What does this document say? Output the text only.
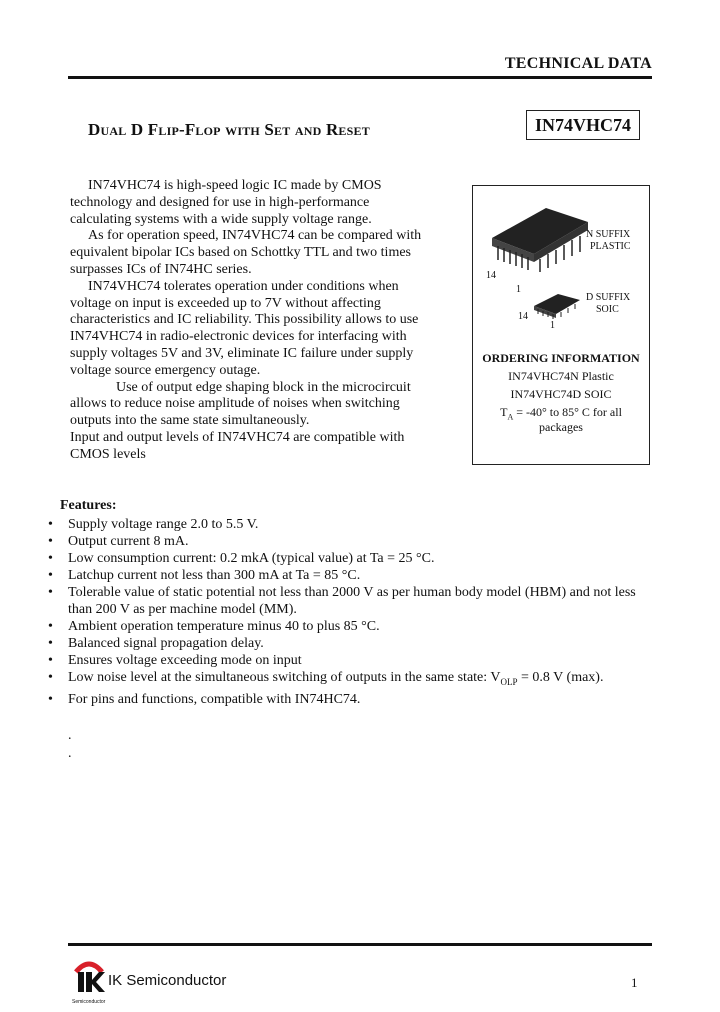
TECHNICAL DATA
Dual D Flip-Flop with Set and Reset	IN74VHC74

IN74VHC74 is high-speed logic IC made by CMOS technology and designed for use in high-performance calculating systems with a wide supply voltage range.

As for operation speed, IN74VHC74 can be compared with equivalent bipolar ICs based on Schottky TTL and two times surpasses ICs of IN74HC series.

IN74VHC74 tolerates operation under conditions when voltage on input is exceeded up to 7V without affecting characteristics and IC reliability. This possibility allows to use IN74VHC74 in radio-electronic devices for interfacing with supply voltages 5V and 3V, eliminate IC failure under supply voltage source emergency outage.

Use of output edge shaping block in the microcircuit allows to reduce noise amplitude of noises when switching outputs into the same state simultaneously.

Input and output levels of IN74VHC74 are compatible with CMOS levels

N SUFFIX
PLASTIC
14
1
D SUFFIX
SOIC
14
1
ORDERING INFORMATION
IN74VHC74N Plastic
IN74VHC74D SOIC
$T_A = -40^\circ$ to 85° C for all
packages
Features:
• Supply voltage range 2.0 to 5.5 V.
• Output current 8 mA.
• Low consumption current: 0.2 mkA (typical value) at Ta = 25 °C.
• Latchup current not less than 300 mA at Ta = 85 °C.
• Tolerable value of static potential not less than 2000 V as per human body model (HBM) and not less than 200 V as per machine model (MM).
• Ambient operation temperature minus 40 to plus 85 °C.
• Balanced signal propagation delay.
• Ensures voltage exceeding mode on input
• Low noise level at the simultaneous switching of outputs in the same state: $V_{OLP} = 0.8$ V (max).
• For pins and functions, compatible with IN74HC74.
.
.
Semiconductor
IK Semiconductor	1
